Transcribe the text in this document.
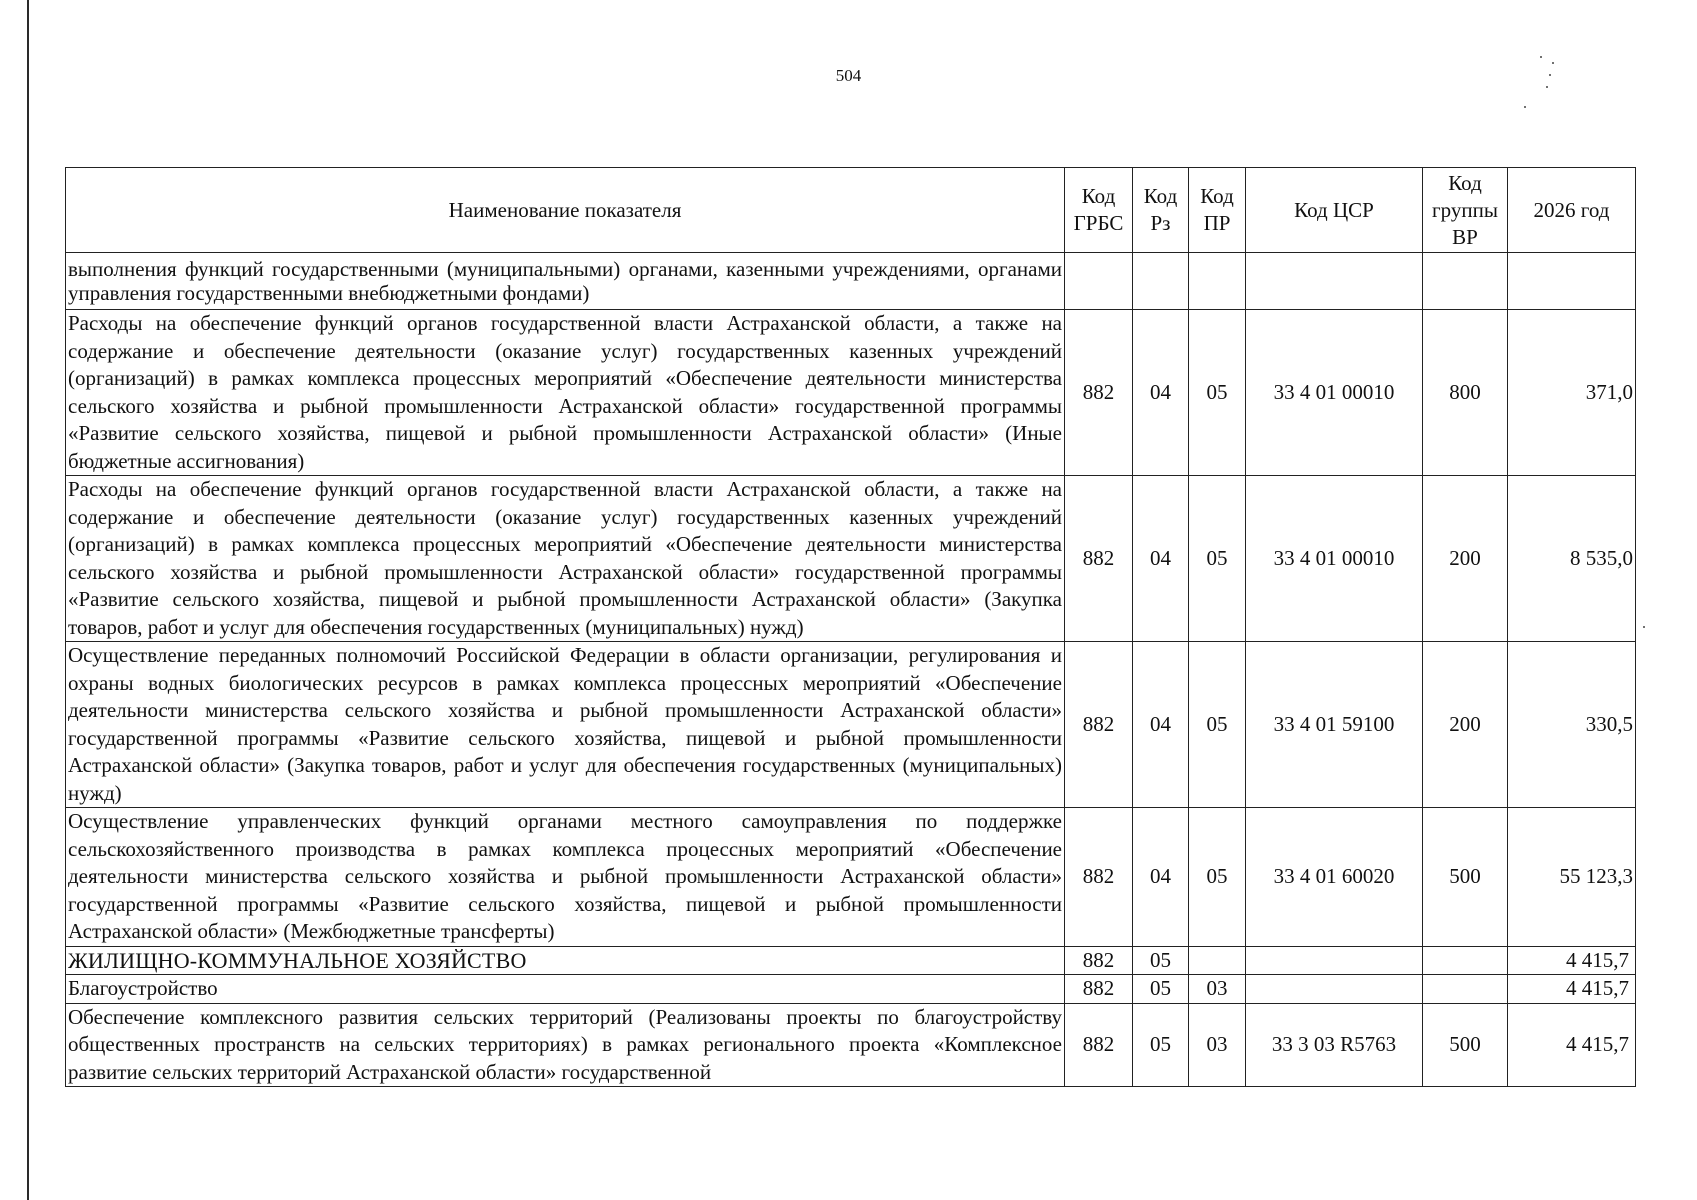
504
Наименование показателя	Код ГРБС	Код Рз	Код ПР	Код ЦСР	Код группы ВР	2026 год
выполнения функций государственными (муниципальными) органами, казенными учреждениями, органами управления государственными внебюджетными фондами)						
Расходы на обеспечение функций органов государственной власти Астраханской области, а также на содержание и обеспечение деятельности (оказание услуг) государственных казенных учреждений (организаций) в рамках комплекса процессных мероприятий «Обеспечение деятельности министерства сельского хозяйства и рыбной промышленности Астраханской области» государственной программы «Развитие сельского хозяйства, пищевой и рыбной промышленности Астраханской области» (Иные бюджетные ассигнования)	882	04	05	33 4 01 00010	800	371,0
Расходы на обеспечение функций органов государственной власти Астраханской области, а также на содержание и обеспечение деятельности (оказание услуг) государственных казенных учреждений (организаций) в рамках комплекса процессных мероприятий «Обеспечение деятельности министерства сельского хозяйства и рыбной промышленности Астраханской области» государственной программы «Развитие сельского хозяйства, пищевой и рыбной промышленности Астраханской области» (Закупка товаров, работ и услуг для обеспечения государственных (муниципальных) нужд)	882	04	05	33 4 01 00010	200	8 535,0
Осуществление переданных полномочий Российской Федерации в области организации, регулирования и охраны водных биологических ресурсов в рамках комплекса процессных мероприятий «Обеспечение деятельности министерства сельского хозяйства и рыбной промышленности Астраханской области» государственной программы «Развитие сельского хозяйства, пищевой и рыбной промышленности Астраханской области» (Закупка товаров, работ и услуг для обеспечения государственных (муниципальных) нужд)	882	04	05	33 4 01 59100	200	330,5
Осуществление управленческих функций органами местного самоуправления по поддержке сельскохозяйственного производства в рамках комплекса процессных мероприятий «Обеспечение деятельности министерства сельского хозяйства и рыбной промышленности Астраханской области» государственной программы «Развитие сельского хозяйства, пищевой и рыбной промышленности Астраханской области» (Межбюджетные трансферты)	882	04	05	33 4 01 60020	500	55 123,3
ЖИЛИЩНО-КОММУНАЛЬНОЕ ХОЗЯЙСТВО	882	05				4 415,7
Благоустройство	882	05	03			4 415,7
Обеспечение комплексного развития сельских территорий (Реализованы проекты по благоустройству общественных пространств на сельских территориях) в рамках регионального проекта «Комплексное развитие сельских территорий Астраханской области» государственной	882	05	03	33 3 03 R5763	500	4 415,7
